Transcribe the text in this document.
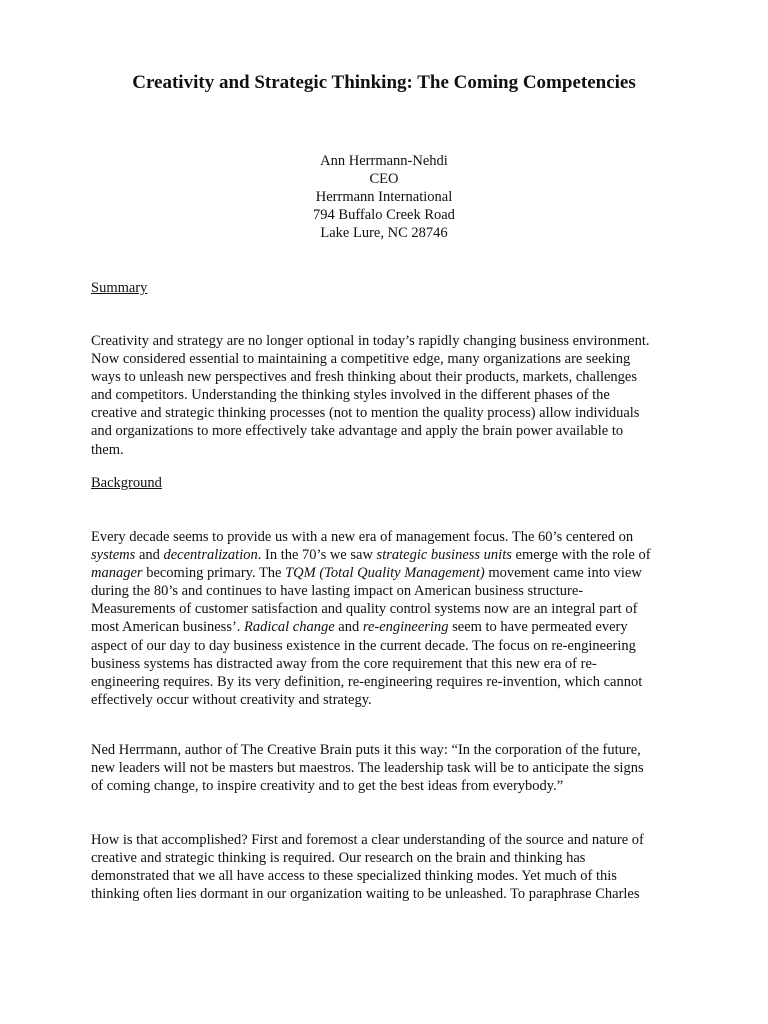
Creativity and Strategic Thinking: The Coming Competencies
Ann Herrmann-Nehdi
CEO
Herrmann International
794 Buffalo Creek Road
Lake Lure, NC 28746
Summary
Creativity and strategy are no longer optional in today’s rapidly changing business environment.
Now considered essential to maintaining a competitive edge, many organizations are seeking
ways to unleash new perspectives and fresh thinking about their products, markets, challenges
and competitors. Understanding the thinking styles involved in the different phases of the
creative and strategic thinking processes (not to mention the quality process) allow individuals
and organizations to more effectively take advantage and apply the brain power available to
them.
Background
Every decade seems to provide us with a new era of management focus. The 60’s centered on
systems and decentralization. In the 70’s we saw strategic business units emerge with the role of
manager becoming primary. The TQM (Total Quality Management) movement came into view
during the 80’s and continues to have lasting impact on American business structure-
Measurements of customer satisfaction and quality control systems now are an integral part of
most American business’. Radical change and re-engineering seem to have permeated every
aspect of our day to day business existence in the current decade. The focus on re-engineering
business systems has distracted away from the core requirement that this new era of re-
engineering requires. By its very definition, re-engineering requires re-invention, which cannot
effectively occur without creativity and strategy.
Ned Herrmann, author of The Creative Brain puts it this way: “In the corporation of the future,
new leaders will not be masters but maestros. The leadership task will be to anticipate the signs
of coming change, to inspire creativity and to get the best ideas from everybody.”
How is that accomplished? First and foremost a clear understanding of the source and nature of
creative and strategic thinking is required. Our research on the brain and thinking has
demonstrated that we all have access to these specialized thinking modes. Yet much of this
thinking often lies dormant in our organization waiting to be unleashed. To paraphrase Charles
